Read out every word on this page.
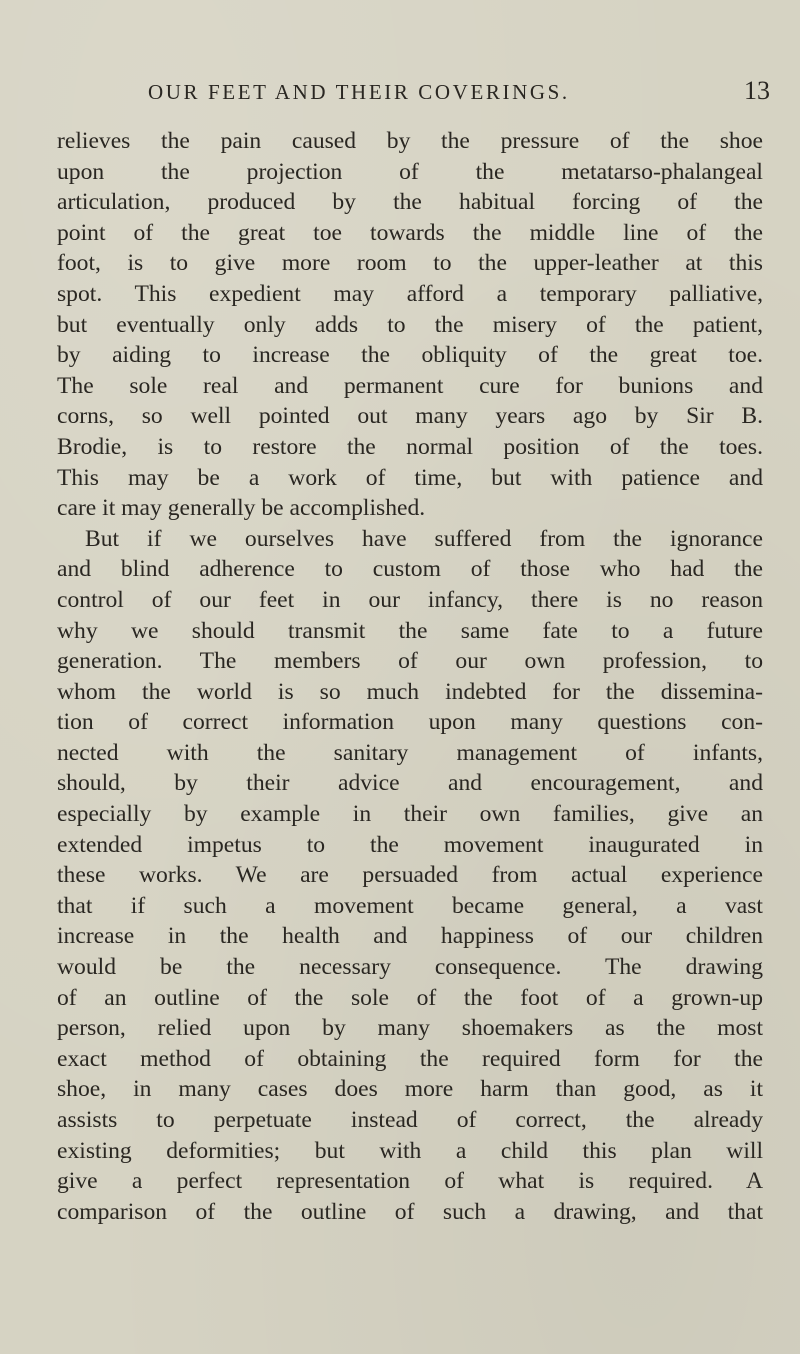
OUR FEET AND THEIR COVERINGS.	13
relieves the pain caused by the pressure of the shoe
upon the projection of the metatarso-phalangeal
articulation, produced by the habitual forcing of the
point of the great toe towards the middle line of the
foot, is to give more room to the upper-leather at this
spot. This expedient may afford a temporary palliative,
but eventually only adds to the misery of the patient,
by aiding to increase the obliquity of the great toe.
The sole real and permanent cure for bunions and
corns, so well pointed out many years ago by Sir B.
Brodie, is to restore the normal position of the toes.
This may be a work of time, but with patience and
care it may generally be accomplished.
But if we ourselves have suffered from the ignorance
and blind adherence to custom of those who had the
control of our feet in our infancy, there is no reason
why we should transmit the same fate to a future
generation. The members of our own profession, to
whom the world is so much indebted for the dissemina-
tion of correct information upon many questions con-
nected with the sanitary management of infants,
should, by their advice and encouragement, and
especially by example in their own families, give an
extended impetus to the movement inaugurated in
these works. We are persuaded from actual experience
that if such a movement became general, a vast
increase in the health and happiness of our children
would be the necessary consequence. The drawing
of an outline of the sole of the foot of a grown-up
person, relied upon by many shoemakers as the most
exact method of obtaining the required form for the
shoe, in many cases does more harm than good, as it
assists to perpetuate instead of correct, the already
existing deformities; but with a child this plan will
give a perfect representation of what is required. A
comparison of the outline of such a drawing, and that
